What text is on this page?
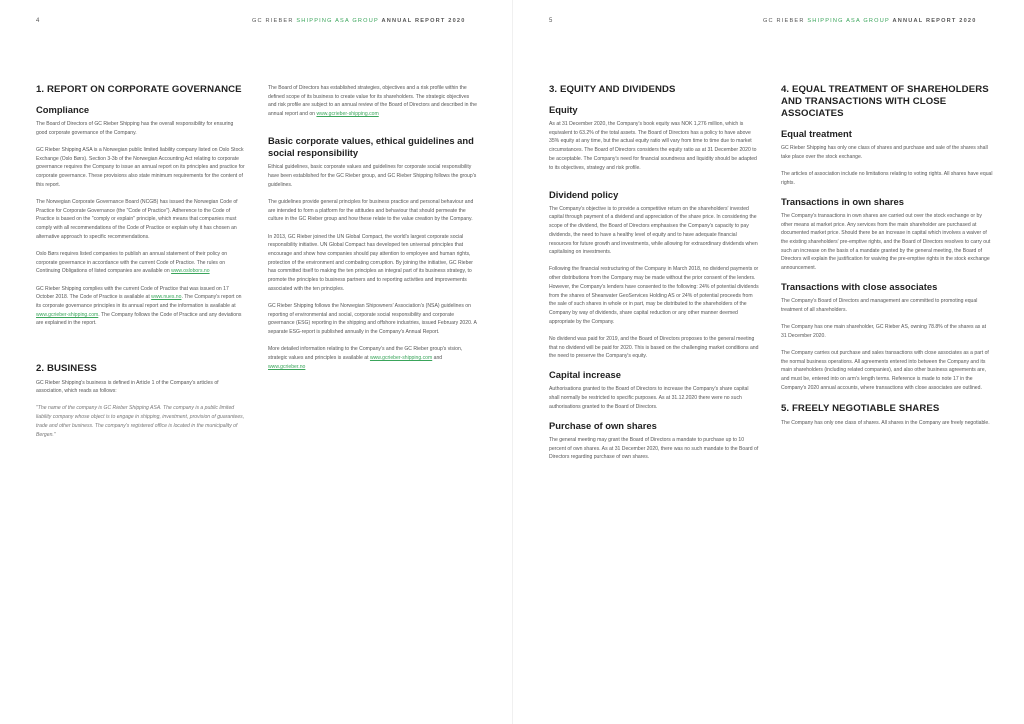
4	GC RIEBER SHIPPING ASA GROUP ANNUAL REPORT 2020
1. REPORT ON CORPORATE GOVERNANCE
Compliance

The Board of Directors of GC Rieber Shipping has the overall responsibility for ensuring good corporate governance of the Company.

GC Rieber Shipping ASA is a Norwegian public limited liability company listed on Oslo Stock Exchange (Oslo Børs). Section 3-3b of the Norwegian Accounting Act relating to corporate governance requires the Company to issue an annual report on its principles and practice for corporate governance. These provisions also state minimum requirements for the content of this report.

The Norwegian Corporate Governance Board (NCGB) has issued the Norwegian Code of Practice for Corporate Governance (the "Code of Practice"). Adherence to the Code of Practice is based on the "comply or explain" principle, which means that companies must comply with all recommendations of the Code of Practice or explain why it has chosen an alternative approach to specific recommendations.

Oslo Børs requires listed companies to publish an annual statement of their policy on corporate governance in accordance with the current Code of Practice. The rules on Continuing Obligations of listed companies are available on www.oslobors.no

GC Rieber Shipping complies with the current Code of Practice that was issued on 17 October 2018. The Code of Practice is available at www.nues.no. The Company's report on its corporate governance principles in its annual report and the information is available at www.gcrieber-shipping.com. The Company follows the Code of Practice and any deviations are explained in the report.

2. BUSINESS

GC Rieber Shipping's business is defined in Article 1 of the Company's articles of association, which reads as follows:

"The name of the company is GC Rieber Shipping ASA. The company is a public limited liability company whose object is to engage in shipping, investment, provision of guarantees, trade and other business. The company's registered office is located in the municipality of Bergen."

The Board of Directors has established strategies, objectives and a risk profile within the defined scope of its business to create value for its shareholders. The strategic objectives and risk profile are subject to an annual review of the Board of Directors and described in the annual report and on www.gcrieber-shipping.com

Basic corporate values, ethical guidelines and social responsibility

Ethical guidelines, basic corporate values and guidelines for corporate social responsibility have been established for the GC Rieber group, and GC Rieber Shipping follows the group's guidelines.

The guidelines provide general principles for business practice and personal behaviour and are intended to form a platform for the attitudes and behaviour that should permeate the culture in the GC Rieber group and how these relate to the value creation by the Company.

In 2013, GC Rieber joined the UN Global Compact, the world's largest corporate social responsibility initiative. UN Global Compact has developed ten universal principles that encourage and show how companies should pay attention to employee and human rights, protection of the environment and combating corruption. By joining the initiative, GC Rieber has committed itself to making the ten principles an integral part of its business strategy, to promote the principles to business partners and to reporting activities and improvements associated with the ten principles.

GC Rieber Shipping follows the Norwegian Shipowners' Association's (NSA) guidelines on reporting of environmental and social, corporate social responsibility and corporate governance (ESG) reporting in the shipping and offshore industries, issued February 2020. A separate ESG-report is published annually in the Company's Annual Report.

More detailed information relating to the Company's and the GC Rieber group's vision, strategic values and principles is available at www.gcrieber-shipping.com and www.gcrieber.no

5	GC RIEBER SHIPPING ASA GROUP ANNUAL REPORT 2020
3. EQUITY AND DIVIDENDS
Equity

As at 31 December 2020, the Company's book equity was NOK 1,276 million, which is equivalent to 63.2% of the total assets. The Board of Directors has a policy to have above 35% equity at any time, but the actual equity ratio will vary from time to time due to market circumstances. The Board of Directors considers the equity ratio as at 31 December 2020 to be acceptable. The Company's need for financial soundness and liquidity should be adapted to its objectives, strategy and risk profile.

Dividend policy

The Company's objective is to provide a competitive return on the shareholders' invested capital through payment of a dividend and appreciation of the share price. In considering the scope of the dividend, the Board of Directors emphasises the Company's capacity to pay dividends, the need to have a healthy level of equity and to have adequate financial resources for future growth and investments, while allowing for extraordinary dividends when capitalising on investments.

Following the financial restructuring of the Company in March 2018, no dividend payments or other distributions from the Company may be made without the prior consent of the lenders. However, the Company's lenders have consented to the following: 24% of potential dividends from the shares of Shearwater GeoServices Holding AS or 24% of potential proceeds from the sale of such shares in whole or in part, may be distributed to the shareholders of the Company by way of dividends, share capital reduction or any other manner deemed appropriate by the Company.

No dividend was paid for 2019, and the Board of Directors proposes to the general meeting that no dividend will be paid for 2020. This is based on the challenging market conditions and the need to preserve the Company's equity.

Capital increase

Authorisations granted to the Board of Directors to increase the Company's share capital shall normally be restricted to specific purposes. As at 31.12.2020 there were no such authorisations granted to the Board of Directors.

Purchase of own shares

The general meeting may grant the Board of Directors a mandate to purchase up to 10 percent of own shares. As at 31 December 2020, there was no such mandate to the Board of Directors regarding purchase of own shares.

4. EQUAL TREATMENT OF SHAREHOLDERS AND TRANSACTIONS WITH CLOSE ASSOCIATES
Equal treatment

GC Rieber Shipping has only one class of shares and purchase and sale of the shares shall take place over the stock exchange.

The articles of association include no limitations relating to voting rights. All shares have equal rights.

Transactions in own shares

The Company's transactions in own shares are carried out over the stock exchange or by other means at market price. Any services from the main shareholder are purchased at documented market price. Should there be an increase in capital which involves a waiver of the existing shareholders' pre-emptive rights, and the Board of Directors resolves to carry out such an increase on the basis of a mandate granted by the general meeting, the Board of Directors will explain the justification for waiving the pre-emptive rights in the stock exchange announcement.

Transactions with close associates

The Company's Board of Directors and management are committed to promoting equal treatment of all shareholders.

The Company has one main shareholder, GC Rieber AS, owning 78.8% of the shares as at 31 December 2020.

The Company carries out purchase and sales transactions with close associates as a part of the normal business operations. All agreements entered into between the Company and its main shareholders (including related companies), and also other business agreements are, and must be, entered into on arm's length terms. Reference is made to note 17 in the Company's 2020 annual accounts, where transactions with close associates are outlined.

5. FREELY NEGOTIABLE SHARES

The Company has only one class of shares. All shares in the Company are freely negotiable.
